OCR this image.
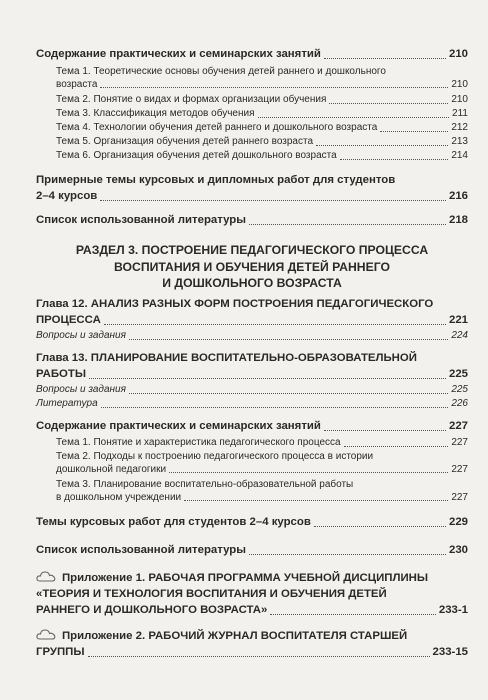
Содержание практических и семинарских занятий	210
Тема 1. Теоретические основы обучения детей раннего и дошкольного
возраста	210
Тема 2. Понятие о видах и формах организации обучения	210
Тема 3. Классификация методов обучения	211
Тема 4. Технологии обучения детей раннего и дошкольного возраста	212
Тема 5. Организация обучения детей раннего возраста	213
Тема 6. Организация обучения детей дошкольного возраста	214
Примерные темы курсовых и дипломных работ для студентов
2–4 курсов	216
Список использованной литературы	218
РАЗДЕЛ 3. ПОСТРОЕНИЕ ПЕДАГОГИЧЕСКОГО ПРОЦЕССА
ВОСПИТАНИЯ И ОБУЧЕНИЯ ДЕТЕЙ РАННЕГО
И ДОШКОЛЬНОГО ВОЗРАСТА
Глава 12. АНАЛИЗ РАЗНЫХ ФОРМ ПОСТРОЕНИЯ ПЕДАГОГИЧЕСКОГО
ПРОЦЕССА	221
Вопросы и задания	224
Глава 13. ПЛАНИРОВАНИЕ ВОСПИТАТЕЛЬНО-ОБРАЗОВАТЕЛЬНОЙ
РАБОТЫ	225
Вопросы и задания	225
Литература	226
Содержание практических и семинарских занятий	227
Тема 1. Понятие и характеристика педагогического процесса	227
Тема 2. Подходы к построению педагогического процесса в истории
дошкольной педагогики	227
Тема 3. Планирование воспитательно-образовательной работы
в дошкольном учреждении	227
Темы курсовых работ для студентов 2–4 курсов	229
Список использованной литературы	230
Приложение 1. РАБОЧАЯ ПРОГРАММА УЧЕБНОЙ ДИСЦИПЛИНЫ
«ТЕОРИЯ И ТЕХНОЛОГИЯ ВОСПИТАНИЯ И ОБУЧЕНИЯ ДЕТЕЙ
РАННЕГО И ДОШКОЛЬНОГО ВОЗРАСТА»	233-1
Приложение 2. РАБОЧИЙ ЖУРНАЛ ВОСПИТАТЕЛЯ СТАРШЕЙ
ГРУППЫ	233-15
